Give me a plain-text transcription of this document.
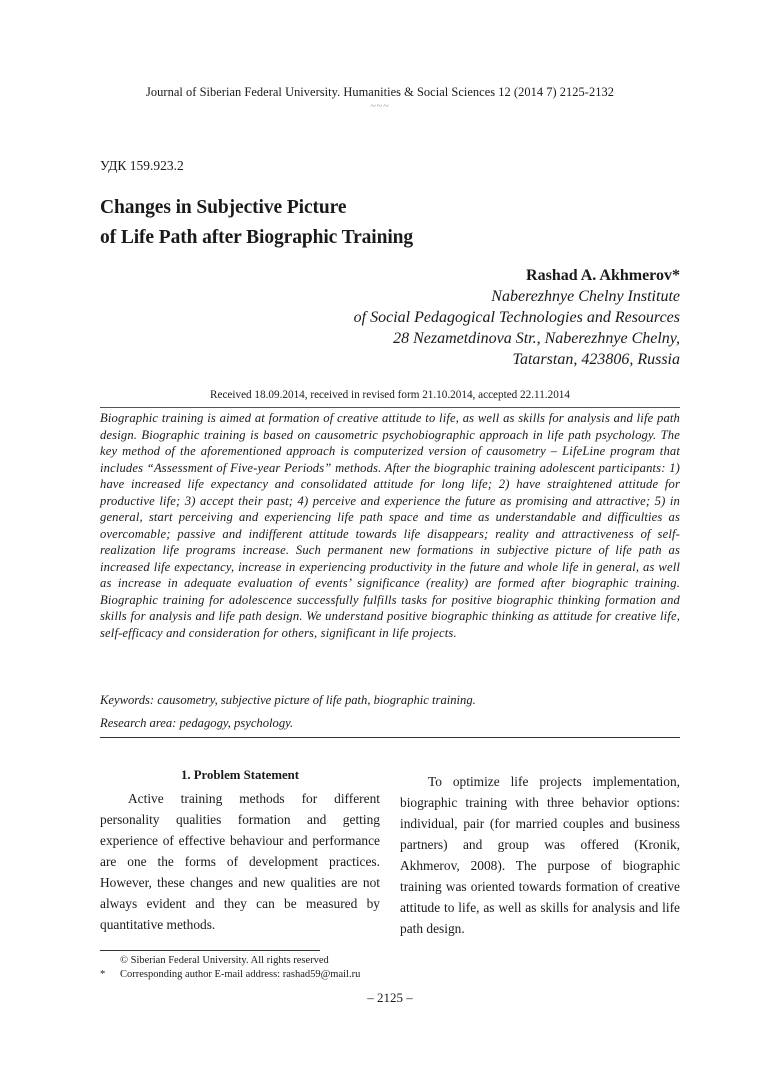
Journal of Siberian Federal University. Humanities & Social Sciences 12 (2014 7) 2125-2132
~~~
УДК 159.923.2
Changes in Subjective Picture
of Life Path after Biographic Training
Rashad A. Akhmerov*
Naberezhnye Chelny Institute
of Social Pedagogical Technologies and Resources
28 Nezametdinova Str., Naberezhnye Chelny,
Tatarstan, 423806, Russia
Received 18.09.2014, received in revised form 21.10.2014, accepted 22.11.2014
Biographic training is aimed at formation of creative attitude to life, as well as skills for analysis and life path design. Biographic training is based on causometric psychobiographic approach in life path psychology. The key method of the aforementioned approach is computerized version of causometry – LifeLine program that includes “Assessment of Five-year Periods” methods. After the biographic training adolescent participants: 1) have increased life expectancy and consolidated attitude for long life; 2) have straightened attitude for productive life; 3) accept their past; 4) perceive and experience the future as promising and attractive; 5) in general, start perceiving and experiencing life path space and time as understandable and difficulties as overcomable; passive and indifferent attitude towards life disappears; reality and attractiveness of self-realization life programs increase. Such permanent new formations in subjective picture of life path as increased life expectancy, increase in experiencing productivity in the future and whole life in general, as well as increase in adequate evaluation of events’ significance (reality) are formed after biographic training. Biographic training for adolescence successfully fulfills tasks for positive biographic thinking formation and skills for analysis and life path design. We understand positive biographic thinking as attitude for creative life, self-efficacy and consideration for others, significant in life projects.
Keywords: causometry, subjective picture of life path, biographic training.
Research area: pedagogy, psychology.
1. Problem Statement

Active training methods for different personality qualities formation and getting experience of effective behaviour and performance are one the forms of development practices. However, these changes and new qualities are not always evident and they can be measured by quantitative methods.

To optimize life projects implementation, biographic training with three behavior options: individual, pair (for married couples and business partners) and group was offered (Kronik, Akhmerov, 2008). The purpose of biographic training was oriented towards formation of creative attitude to life, as well as skills for analysis and life path design.

© Siberian Federal University. All rights reserved
* Corresponding author E-mail address: rashad59@mail.ru
– 2125 –
